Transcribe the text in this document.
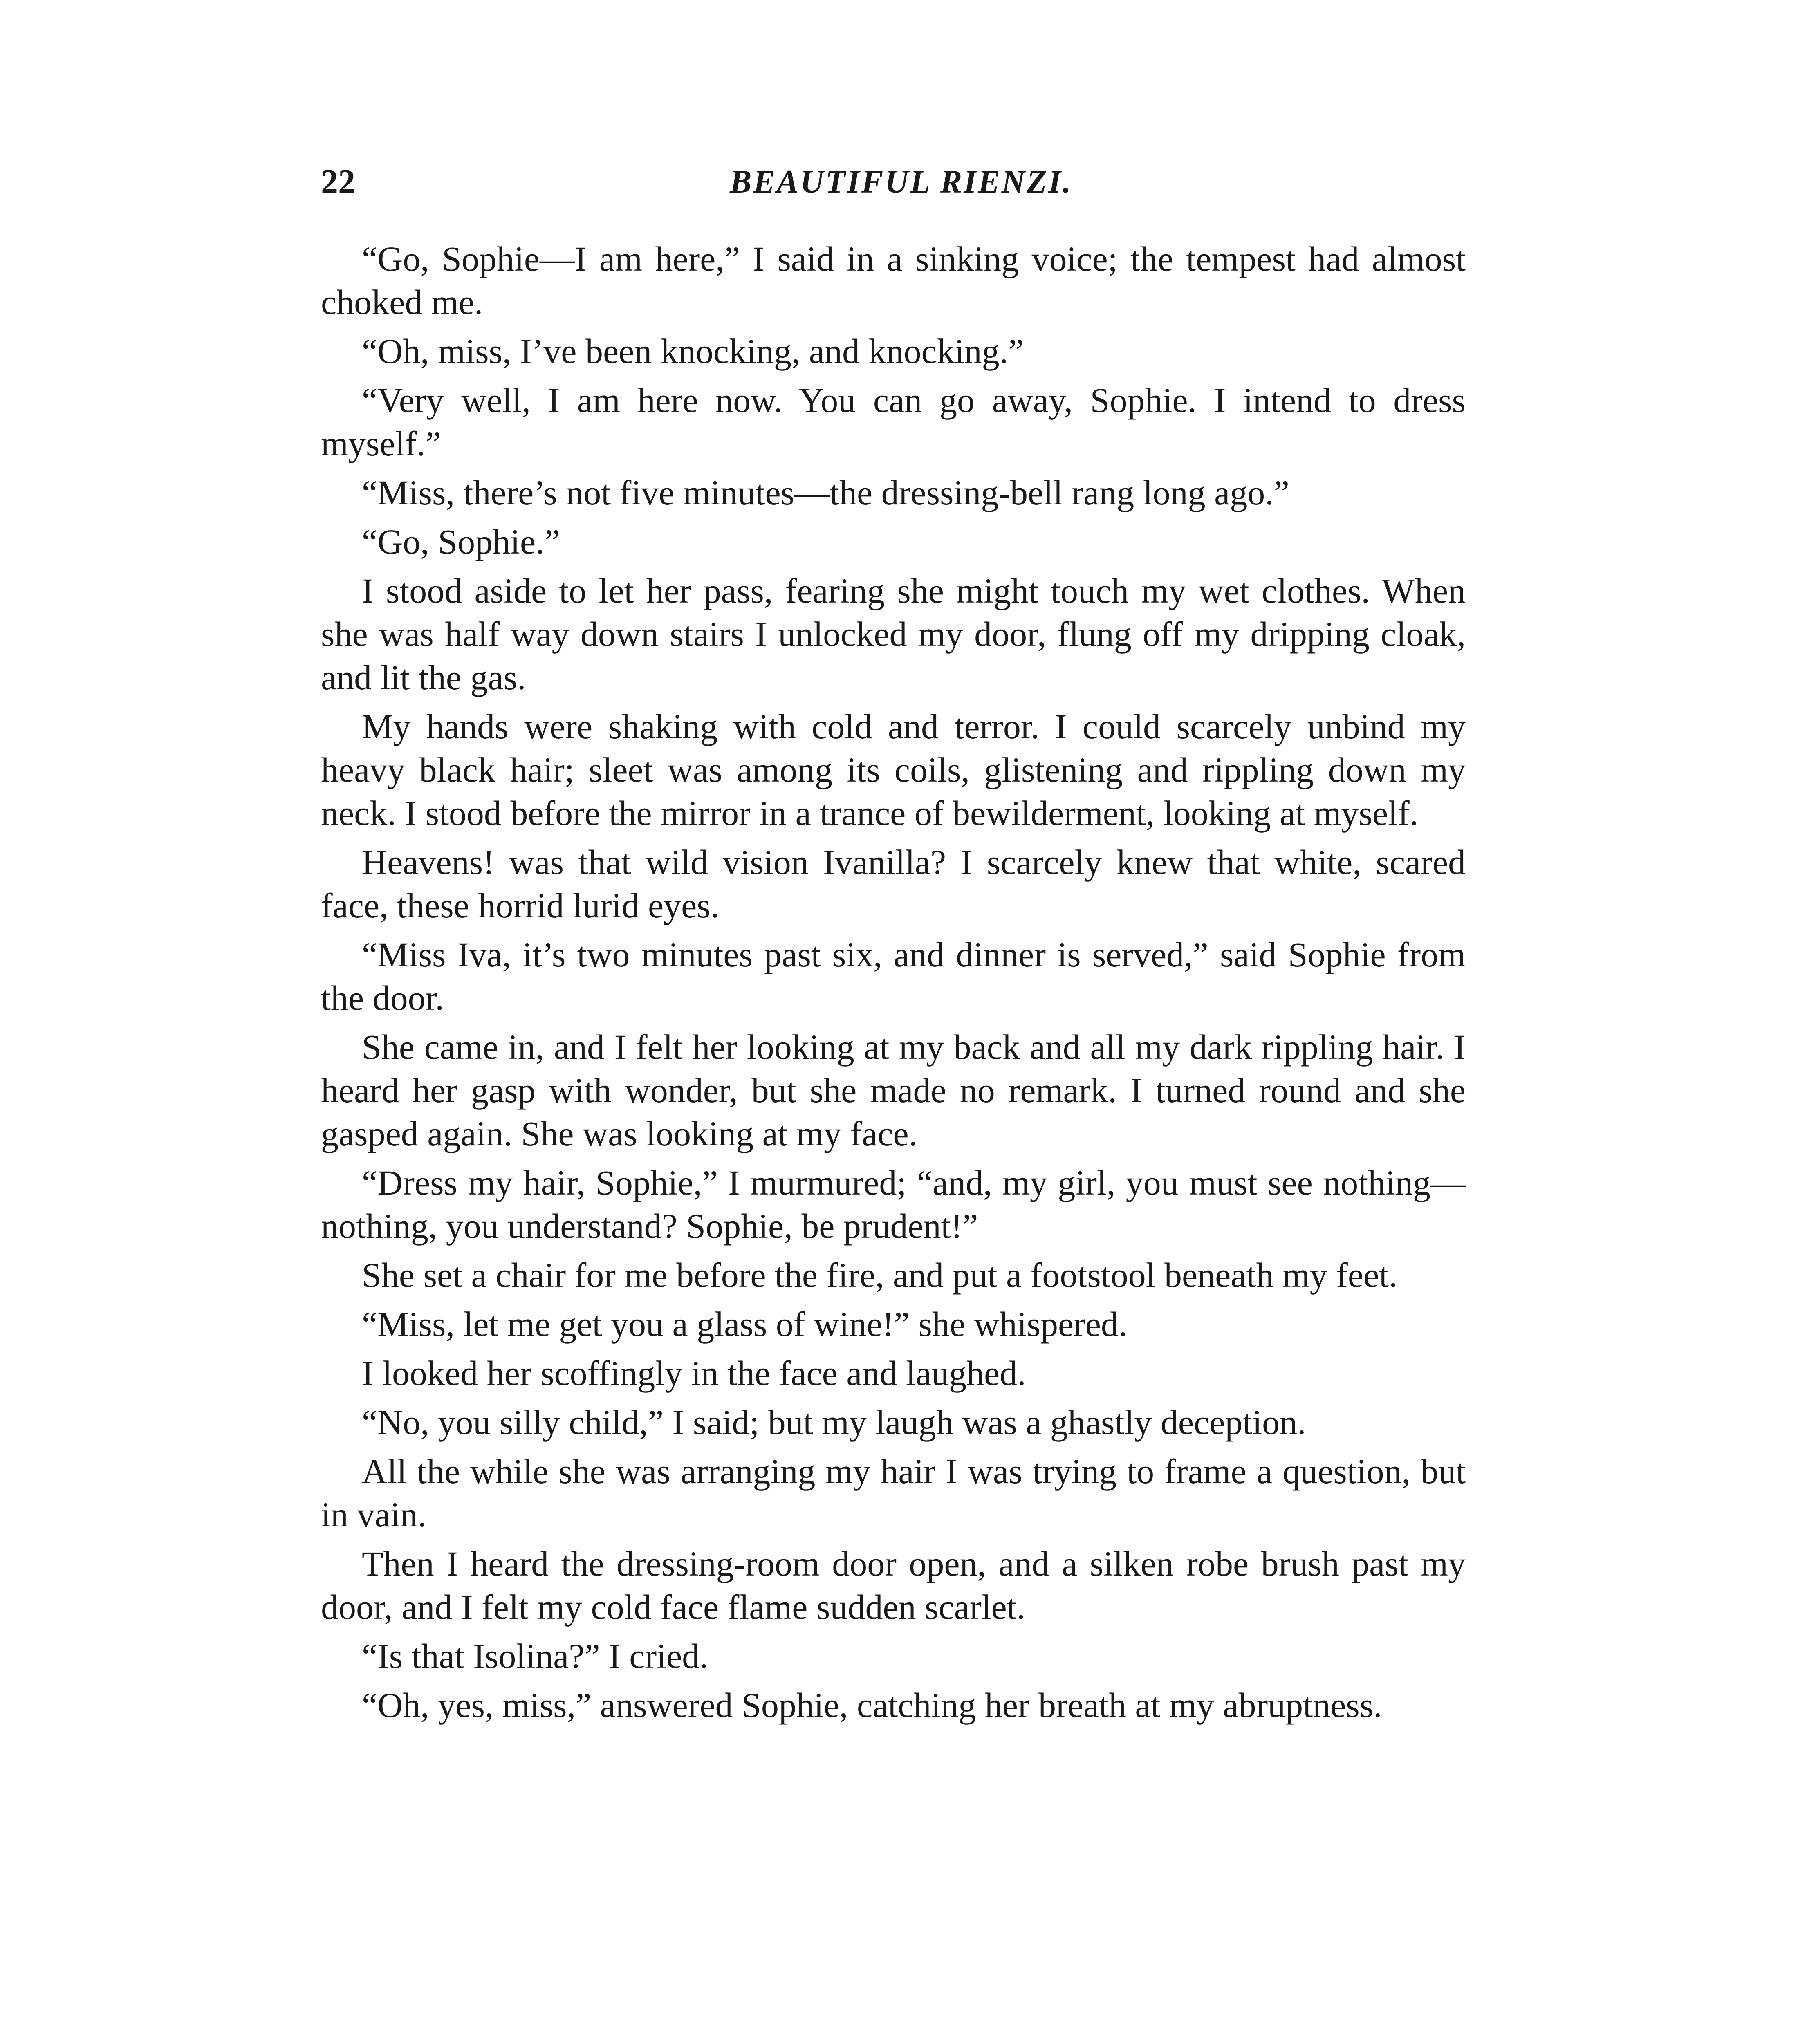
22	BEAUTIFUL RIENZI.

“Go, Sophie—I am here,” I said in a sinking voice; the tempest had almost choked me.

“Oh, miss, I’ve been knocking, and knocking.”

“Very well, I am here now. You can go away, Sophie. I intend to dress myself.”

“Miss, there’s not five minutes—the dressing-bell rang long ago.”

“Go, Sophie.”

I stood aside to let her pass, fearing she might touch my wet clothes. When she was half way down stairs I unlocked my door, flung off my dripping cloak, and lit the gas.

My hands were shaking with cold and terror. I could scarcely unbind my heavy black hair; sleet was among its coils, glistening and rippling down my neck. I stood before the mirror in a trance of bewilderment, looking at myself.

Heavens! was that wild vision Ivanilla? I scarcely knew that white, scared face, these horrid lurid eyes.

“Miss Iva, it’s two minutes past six, and dinner is served,” said Sophie from the door.

She came in, and I felt her looking at my back and all my dark rippling hair. I heard her gasp with wonder, but she made no remark. I turned round and she gasped again. She was looking at my face.

“Dress my hair, Sophie,” I murmured; “and, my girl, you must see nothing—nothing, you understand? Sophie, be prudent!”

She set a chair for me before the fire, and put a footstool beneath my feet.

“Miss, let me get you a glass of wine!” she whispered.

I looked her scoffingly in the face and laughed.

“No, you silly child,” I said; but my laugh was a ghastly deception.

All the while she was arranging my hair I was trying to frame a question, but in vain.

Then I heard the dressing-room door open, and a silken robe brush past my door, and I felt my cold face flame sudden scarlet.

“Is that Isolina?” I cried.

“Oh, yes, miss,” answered Sophie, catching her breath at my abruptness.
